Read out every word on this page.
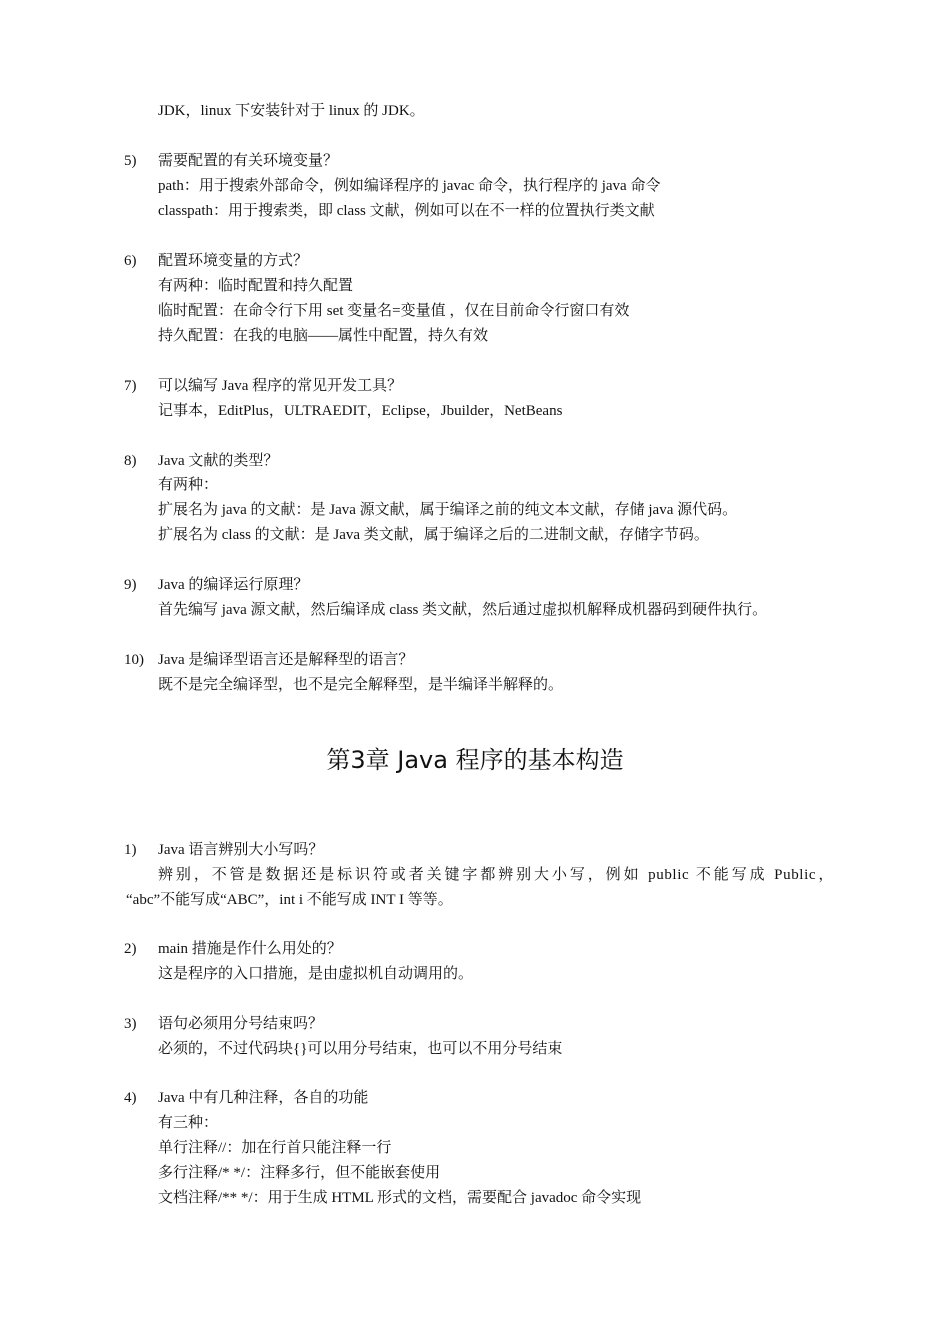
JDK，linux 下安装针对于 linux 的 JDK。
5) 需要配置的有关环境变量？
path：用于搜索外部命令，例如编译程序的 javac 命令，执行程序的 java 命令
classpath：用于搜索类，即 class 文献，例如可以在不一样的位置执行类文献
6) 配置环境变量的方式？
有两种：临时配置和持久配置
临时配置：在命令行下用 set 变量名=变量值 ，仅在目前命令行窗口有效
持久配置：在我的电脑——属性中配置，持久有效
7) 可以编写 Java 程序的常见开发工具？
记事本，EditPlus，ULTRAEDIT，Eclipse，Jbuilder，NetBeans
8) Java 文献的类型？
有两种：
扩展名为 java 的文献：是 Java 源文献，属于编译之前的纯文本文献，存储 java 源代码。
扩展名为 class 的文献：是 Java 类文献，属于编译之后的二进制文献，存储字节码。
9) Java 的编译运行原理？
首先编写 java 源文献，然后编译成 class 类文献，然后通过虚拟机解释成机器码到硬件执行。
10) Java 是编译型语言还是解释型的语言？
既不是完全编译型，也不是完全解释型，是半编译半解释的。
第3章 Java 程序的基本构造
1) Java 语言辨别大小写吗？
辨别，不管是数据还是标识符或者关键字都辨别大小写，例如 public 不能写成 Public，
“abc”不能写成“ABC”，int i 不能写成 INT I 等等。
2) main 措施是作什么用处的？
这是程序的入口措施，是由虚拟机自动调用的。
3) 语句必须用分号结束吗？
必须的，不过代码块{}可以用分号结束，也可以不用分号结束
4) Java 中有几种注释，各自的功能
有三种：
单行注释//：加在行首只能注释一行
多行注释/* */：注释多行，但不能嵌套使用
文档注释/** */：用于生成 HTML 形式的文档，需要配合 javadoc 命令实现
